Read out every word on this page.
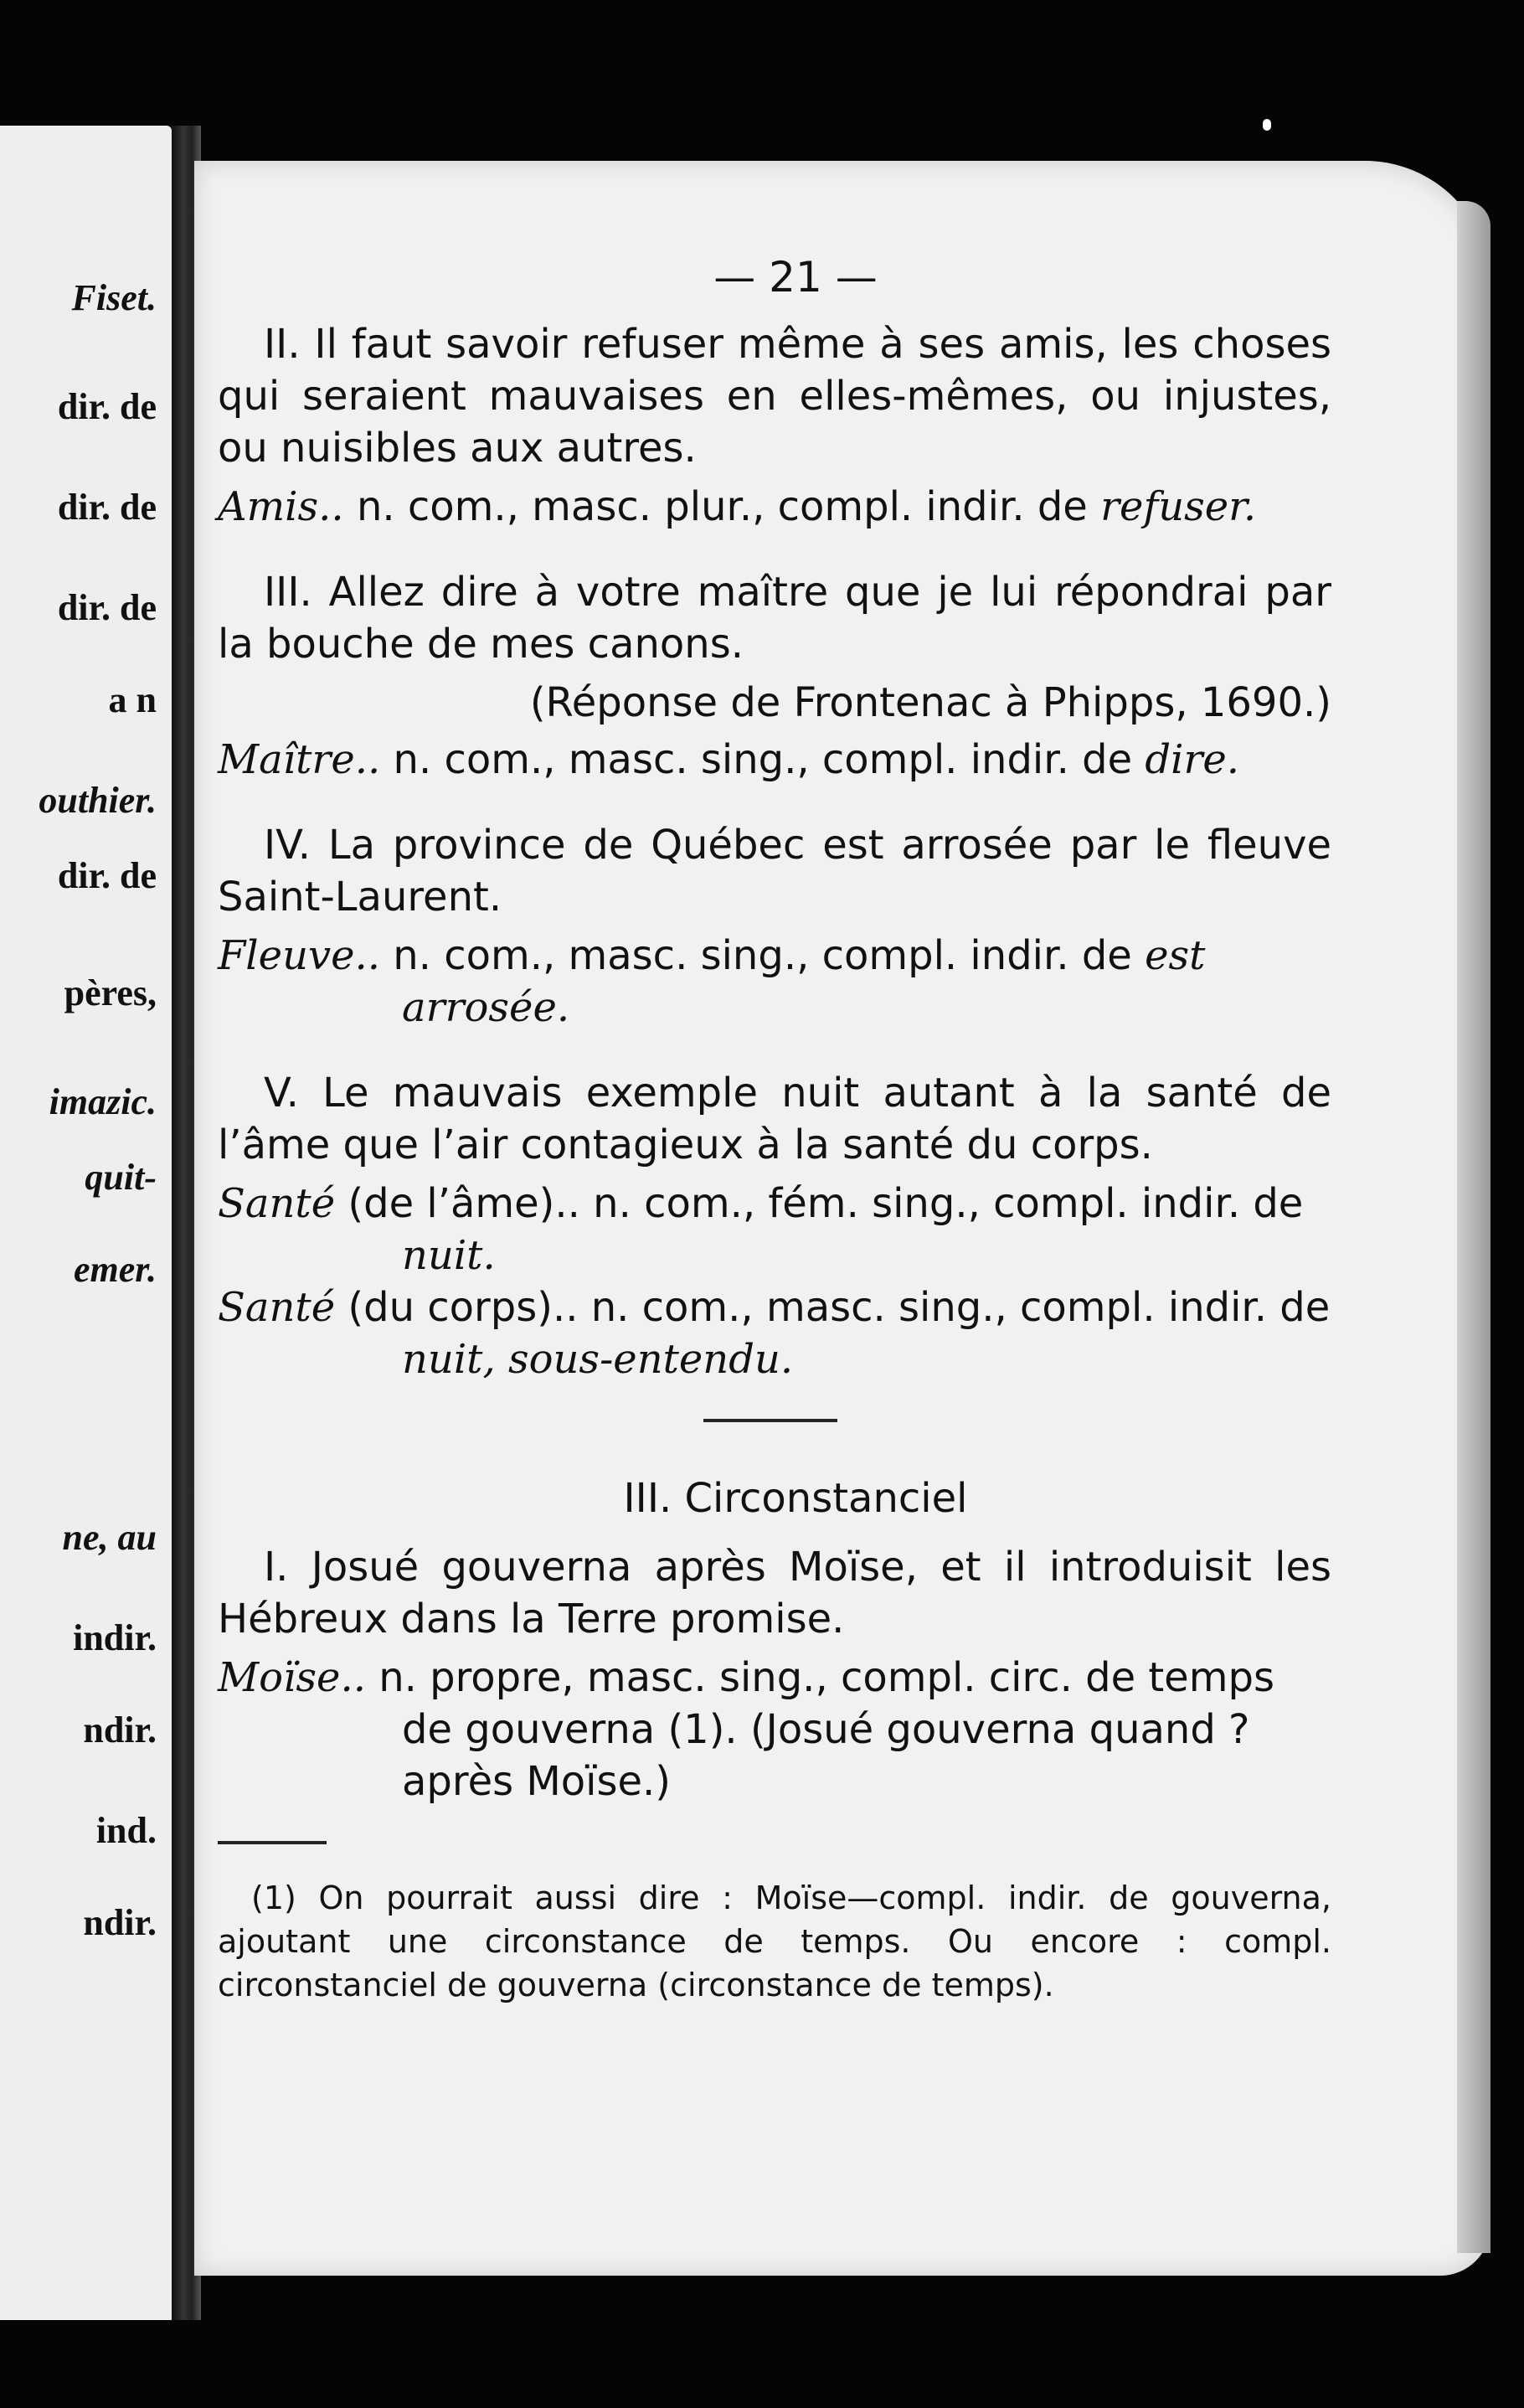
Fiset.
dir. de
dir. de
dir. de
a n
outhier.
dir. de
pères,
imazic.
quit-
emer.
ne, au
indir.
ndir.
ind.
ndir.
— 21 —

II. Il faut savoir refuser même à ses amis, les choses qui seraient mauvaises en elles-mêmes, ou injustes, ou nuisibles aux autres.

Amis.. n. com., masc. plur., compl. indir. de refuser.

III. Allez dire à votre maître que je lui répondrai par la bouche de mes canons.

(Réponse de Frontenac à Phipps, 1690.)
Maître.. n. com., masc. sing., compl. indir. de dire.

IV. La province de Québec est arrosée par le fleuve Saint-Laurent.

Fleuve.. n. com., masc. sing., compl. indir. de est arrosée.

V. Le mauvais exemple nuit autant à la santé de l’âme que l’air contagieux à la santé du corps.

Santé (de l’âme).. n. com., fém. sing., compl. indir. de nuit.
Santé (du corps).. n. com., masc. sing., compl. indir. de nuit, sous-entendu.
III. Circonstanciel

I. Josué gouverna après Moïse, et il introduisit les Hébreux dans la Terre promise.

Moïse.. n. propre, masc. sing., compl. circ. de temps de gouverna (1). (Josué gouverna quand ? après Moïse.)

(1) On pourrait aussi dire : Moïse—compl. indir. de gouverna, ajoutant une circonstance de temps. Ou encore : compl. circonstanciel de gouverna (circonstance de temps).
